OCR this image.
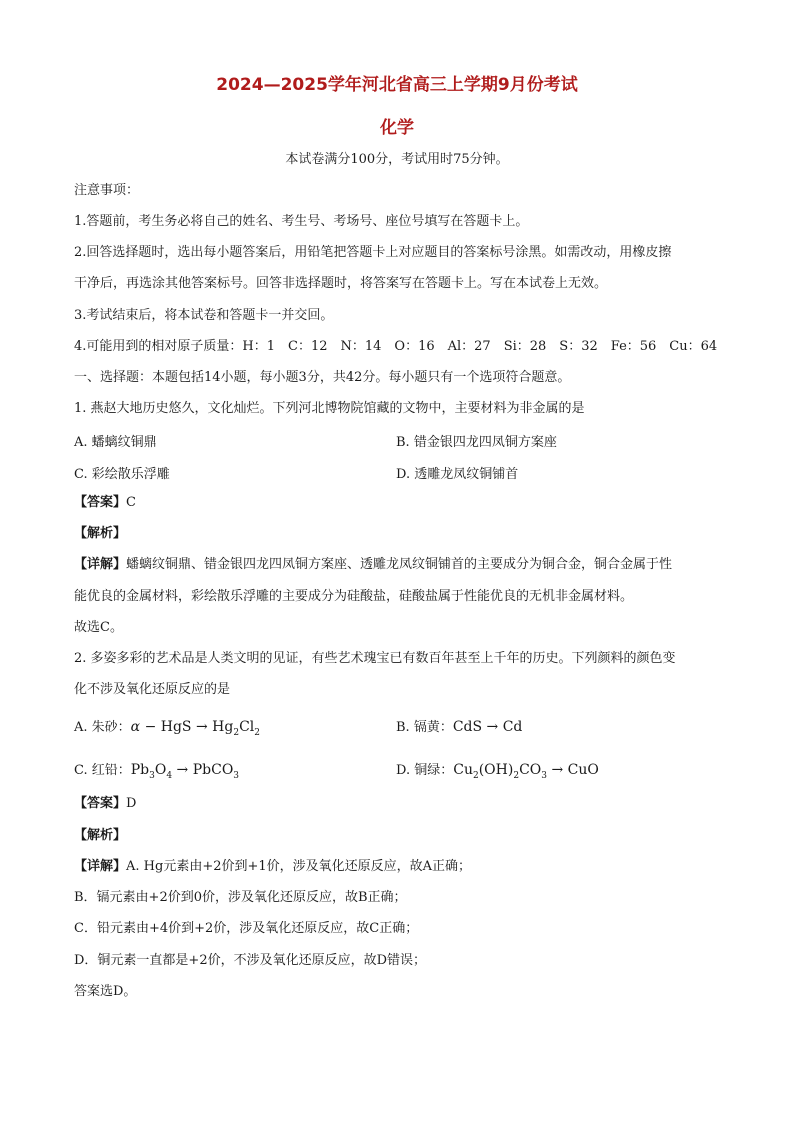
2024—2025学年河北省高三上学期9月份考试
化学
本试卷满分100分，考试用时75分钟。
注意事项：
1.答题前，考生务必将自己的姓名、考生号、考场号、座位号填写在答题卡上。
2.回答选择题时，选出每小题答案后，用铅笔把答题卡上对应题目的答案标号涂黑。如需改动，用橡皮擦
干净后，再选涂其他答案标号。回答非选择题时，将答案写在答题卡上。写在本试卷上无效。
3.考试结束后，将本试卷和答题卡一并交回。
4.可能用到的相对原子质量：H：1　C：12　N：14　O：16　Al：27　Si：28　S：32　Fe：56　Cu：64
一、选择题：本题包括14小题，每小题3分，共42分。每小题只有一个选项符合题意。
1. 燕赵大地历史悠久，文化灿烂。下列河北博物院馆藏的文物中，主要材料为非金属的是
A. 蟠螭纹铜鼎	B. 错金银四龙四凤铜方案座
C. 彩绘散乐浮雕	D. 透雕龙凤纹铜铺首
【答案】C
【解析】
【详解】蟠螭纹铜鼎、错金银四龙四凤铜方案座、透雕龙凤纹铜铺首的主要成分为铜合金，铜合金属于性
能优良的金属材料，彩绘散乐浮雕的主要成分为硅酸盐，硅酸盐属于性能优良的无机非金属材料。
故选C。
2. 多姿多彩的艺术品是人类文明的见证，有些艺术瑰宝已有数百年甚至上千年的历史。下列颜料的颜色变
化不涉及氧化还原反应的是
A. 朱砂：α − HgS → $Hg_2Cl_2$	B. 镉黄：CdS → Cd
C. 红铅：$Pb_3O_4$ → PbCO$_3$	D. 铜绿：$Cu_2(OH)_2CO_3$ → CuO
【答案】D
【解析】
【详解】A. Hg元素由+2价到+1价，涉及氧化还原反应，故A正确；
B．镉元素由+2价到0价，涉及氧化还原反应，故B正确；
C．铅元素由+4价到+2价，涉及氧化还原反应，故C正确；
D．铜元素一直都是+2价，不涉及氧化还原反应，故D错误；
答案选D。
